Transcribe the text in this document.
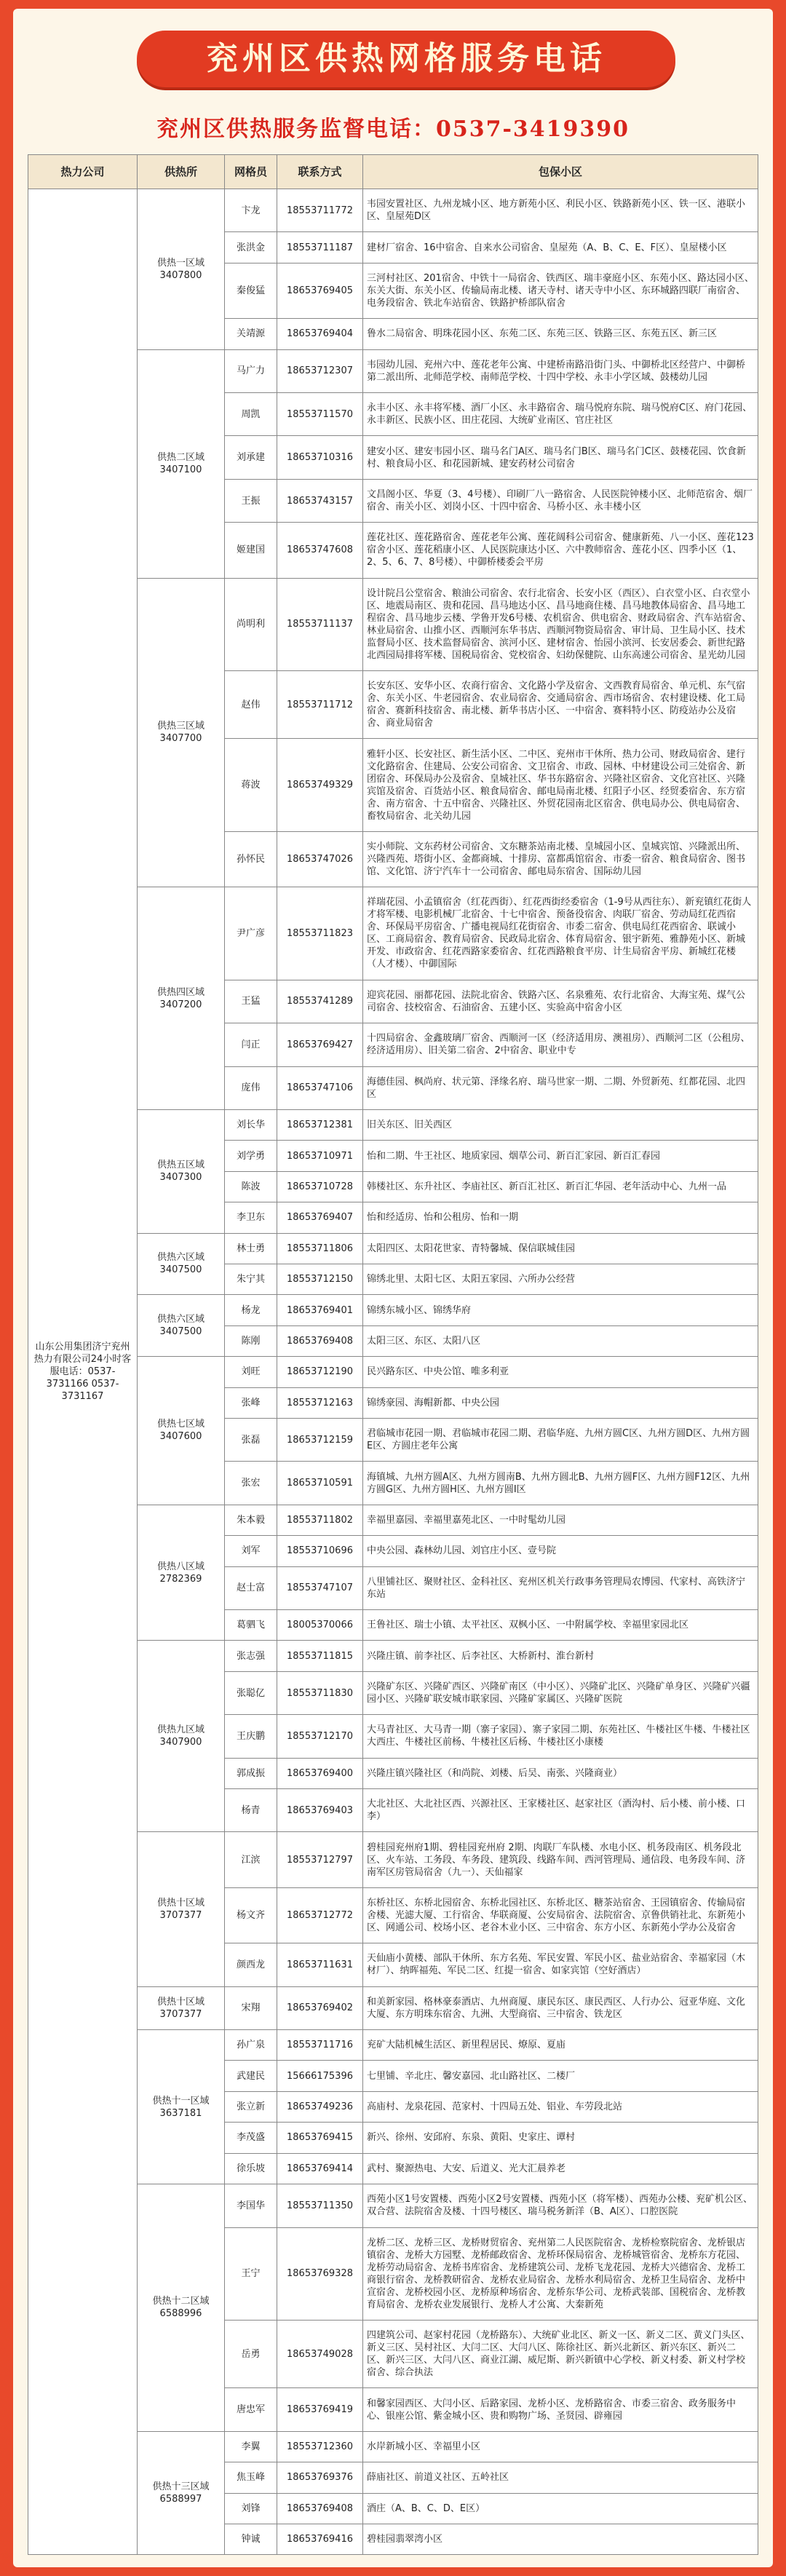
兖州区供热网格服务电话
兖州区供热服务监督电话：0537-3419390
热力公司	供热所	网格员	联系方式	包保小区
山东公用集团济宁兖州热力有限公司24小时客服电话：0537-3731166 0537-3731167	供热一区域 3407800	卞龙	18553711772	韦园安置社区、九州龙城小区、地方新苑小区、利民小区、铁路新苑小区、铁一区、港联小区、皇屋苑D区
		张洪金	18553711187	建材厂宿舍、16中宿舍、自来水公司宿舍、皇屋苑（A、B、C、E、F区）、皇屋楼小区
		秦俊猛	18653769405	三河村社区、201宿舍、中铁十一局宿舍、铁西区、瑞丰豪庭小区、东苑小区、路达园小区、东关大街、东关小区、传输局南北楼、诸天寺村、诸天寺中小区、东环城路四联厂南宿舍、电务段宿舍、铁北车站宿舍、铁路护桥部队宿舍
		关靖源	18653769404	鲁水二局宿舍、明珠花园小区、东苑二区、东苑三区、铁路三区、东苑五区、新三区
	供热二区域 3407100	马广力	18653712307	韦园幼儿园、兖州六中、莲花老年公寓、中建桥南路沿街门头、中御桥北区经营户、中御桥第二派出所、北师范学校、南师范学校、十四中学校、永丰小学区域、鼓楼幼儿园
		周凯	18553711570	永丰小区、永丰将军楼、酒厂小区、永丰路宿舍、瑞马悦府东院、瑞马悦府C区、府门花园、永丰新区、民族小区、田庄花园、大统矿业南区、官庄社区
		刘承建	18653710316	建安小区、建安韦园小区、瑞马名门A区、瑞马名门B区、瑞马名门C区、鼓楼花园、饮食新村、粮食局小区、和花园新城、建安药材公司宿舍
		王振	18653743157	文昌阁小区、华夏（3、4号楼）、印刷厂八一路宿舍、人民医院钟楼小区、北师范宿舍、烟厂宿舍、南关小区、刘岗小区、十四中宿舍、马桥小区、永丰楼小区
		姬建国	18653747608	莲花社区、莲花路宿舍、莲花老年公寓、莲花阔科公司宿舍、健康新苑、八一小区、莲花123宿舍小区、莲花稻康小区、人民医院康达小区、六中教师宿舍、莲花小区、四季小区（1、2、5、6、7、8号楼）、中御桥楼委会平房
	供热三区域 3407700	尚明利	18553711137	设计院吕公堂宿舍、粮油公司宿舍、农行北宿舍、长安小区（西区）、白衣堂小区、白衣堂小区、地震局南区、贵和花园、昌马地达小区、昌马地商住楼、昌马地教体局宿舍、昌马地工程宿舍、昌马地步云楼、学鲁开发6号楼、农机宿舍、供电宿舍、财政局宿舍、汽车站宿舍、林业局宿舍、山推小区、西顺河东华书店、西顺河物资局宿舍、审计局、卫生局小区、技术监督局小区、技术监督局宿舍、滨河小区、建材宿舍、怡园小滨河、长安居委会、新世纪路北西园局排将军楼、国税局宿舍、党校宿舍、妇幼保健院、山东高速公司宿舍、星光幼儿园
		赵伟	18553711712	长安东区、安华小区、农商行宿舍、文化路小学及宿舍、文西教育局宿舍、单元机、东气宿舍、东关小区、牛老园宿舍、农业局宿舍、交通局宿舍、西市场宿舍、农村建设楼、化工局宿舍、赛新科技宿舍、南北楼、新华书店小区、一中宿舍、赛料特小区、防疫站办公及宿舍、商业局宿舍
		蒋波	18653749329	雅轩小区、长安社区、新生活小区、二中区、兖州市干休所、热力公司、财政局宿舍、建行文化路宿舍、住建局、公安公司宿舍、文卫宿舍、市政、园林、中材建设公司三处宿舍、新团宿舍、环保局办公及宿舍、皇城社区、华书东路宿舍、兴隆社区宿舍、文化宫社区、兴隆宾馆及宿舍、百货站小区、粮食局宿舍、邮电局南北楼、红阳子小区、经贸委宿舍、东方宿舍、南方宿舍、十五中宿舍、兴隆社区、外贸花园南北区宿舍、供电局办公、供电局宿舍、畜牧局宿舍、北关幼儿园
		孙怀民	18653747026	实小师院、文东药材公司宿舍、文东糖茶站南北楼、皇城园小区、皇城宾馆、兴隆派出所、兴隆西苑、塔街小区、金都商城、十排房、富都禹馆宿舍、市委一宿舍、粮食局宿舍、图书馆、文化馆、济宁汽车十一公司宿舍、邮电局东宿舍、国际幼儿园
	供热四区域 3407200	尹广彦	18553711823	祥瑞花园、小孟镇宿舍（红花西街）、红花西街经委宿舍（1-9号从西往东）、新兖镇红花街人才将军楼、电影机械厂北宿舍、十七中宿舍、预备役宿舍、肉联厂宿舍、劳动局红花西宿舍、环保局平房宿舍、广播电视局红花街宿舍、市委二宿舍、供电局红花西宿舍、联诚小区、工商局宿舍、教育局宿舍、民政局北宿舍、体育局宿舍、银宇新苑、雅静苑小区、新城开发、市政宿舍、红花西路家委宿舍、红花西路粮食平房、计生局宿舍平房、新城红花楼（人才楼）、中御国际
		王猛	18553741289	迎宾花园、丽都花园、法院北宿舍、铁路六区、名泉雅苑、农行北宿舍、大海宝苑、煤气公司宿舍、技校宿舍、石油宿舍、五建小区、实验高中宿舍小区
		闫正	18653769427	十四局宿舍、金鑫玻璃厂宿舍、西顺河一区（经济适用房、澳祖房）、西顺河二区（公租房、经济适用房）、旧关第二宿舍、2中宿舍、职业中专
		庞伟	18653747106	海德佳园、枫尚府、状元第、泽缘名府、瑞马世家一期、二期、外贸新苑、红都花园、北四区
	供热五区域 3407300	刘长华	18653712381	旧关东区、旧关西区
		刘学勇	18653710971	怡和二期、牛王社区、地质家园、烟草公司、新百汇家园、新百汇春园
		陈波	18653710728	韩楼社区、东升社区、李庙社区、新百汇社区、新百汇华园、老年活动中心、九州一品
		李卫东	18653769407	怡和经适房、怡和公租房、怡和一期
	供热六区域 3407500	林士勇	18553711806	太阳四区、太阳花世家、青特馨城、保信联城佳园
		朱宁其	18553712150	锦绣北里、太阳七区、太阳五家园、六所办公经营
	供热六区域 3407500	杨龙	18653769401	锦绣东城小区、锦绣华府
		陈刚	18653769408	太阳三区、东区、太阳八区
	供热七区域 3407600	刘旺	18653712190	民兴路东区、中央公馆、唯多利亚
		张峰	18553712163	锦绣豪园、海帽新都、中央公园
		张磊	18653712159	君临城市花园一期、君临城市花园二期、君临华庭、九州方圆C区、九州方圆D区、九州方圆 E区、方圆庄老年公寓
		张宏	18653710591	海镇城、九州方圆A区、九州方圆南B、九州方圆北B、九州方圆F区、九州方圆F12区、九州方圆G区、九州方圆H区、九州方圆I区
	供热八区域 2782369	朱本毅	18553711802	幸福里嘉园、幸福里嘉苑北区、一中时髦幼儿园
		刘军	18553710696	中央公园、森林幼儿园、刘官庄小区、壹号院
		赵士富	18553747107	八里铺社区、聚财社区、金科社区、兖州区机关行政事务管理局农博园、代家村、高铁济宁东站
		葛驷飞	18005370066	王鲁社区、瑞士小镇、太平社区、双枫小区、一中附属学校、幸福里家园北区
	供热九区域 3407900	张志强	18553711815	兴隆庄镇、前李社区、后李社区、大桥新村、淮台新村
		张聪亿	18553711830	兴隆矿东区、兴隆矿西区、兴隆矿南区（中小区）、兴隆矿北区、兴隆矿单身区、兴隆矿兴疆园小区、兴隆矿联安城市联家园、兴隆矿家属区、兴隆矿医院
		王庆鹏	18553712170	大马青社区、大马青一期（寨子家园）、寨子家园二期、东苑社区、牛楼社区牛楼、牛楼社区大西庄、牛楼社区前杨、牛楼社区后杨、牛楼社区小康楼
		郭成振	18653769400	兴隆庄镇兴隆社区（和尚院、刘楼、后吴、南张、兴隆商业）
		杨青	18653769403	大北社区、大北社区西、兴源社区、王家楼社区、赵家社区（酒沟村、后小楼、前小楼、口李）
	供热十区域 3707377	江滨	18553712797	碧桂园兖州府1期、碧桂园兖州府 2期、肉联厂车队楼、水电小区、机务段南区、机务段北区、火车站、工务段、车务段、建筑段、线路车间、西河管理局、通信段、电务段车间、济南军区房管局宿舍（九一）、天仙福家
		杨文齐	18653712772	东桥社区、东桥北园宿舍、东桥北园社区、东桥北区、糖茶站宿舍、王园镇宿舍、传输局宿舍楼、光滤大厦、工行宿舍、华联商厦、公安局宿舍、法院宿舍、京鲁供销社北、东新苑小区、网通公司、校场小区、老谷木业小区、三中宿舍、东方小区、东新苑小学办公及宿舍
		颜西龙	18653711631	天仙庙小黄楼、部队干休所、东方名苑、军民安置、军民小区、盐业站宿舍、幸福家园（木材厂）、纳晖福苑、军民二区、红提一宿舍、如家宾馆（空好酒店）
	供热十区域 3707377	宋翔	18653769402	和美新家园、格林豪泰酒店、九州商厦、康民东区、康民西区、人行办公、冠亚华庭、文化大厦、东方明珠东宿舍、九洲、大型商宿、三中宿舍、铁龙区
	供热十一区域 3637181	孙广泉	18553711716	兖矿大陆机械生活区、新里程居民、燎原、夏庙
		武建民	15666175396	七里铺、辛北庄、馨安嘉园、北山路社区、二楼厂
		张立新	18653749236	高庙村、龙泉花园、范家村、十四局五处、铝业、车劳段北站
		李茂盛	18653769415	新兴、徐州、安邱府、东泉、黄阳、史家庄、谭村
		徐乐坡	18653769414	武村、聚源热电、大安、后道义、光大汇晨养老
	供热十二区域 6588996	李国华	18553711350	西苑小区1号安置楼、西苑小区2号安置楼、西苑小区（将军楼）、西苑办公楼、兖矿机公区、双合营、法院宿舍及楼、十四号楼区、瑞马税务新洋（B、A区）、口腔医院
		王宁	18653769328	龙桥二区、龙桥三区、龙桥财贸宿舍、兖州第二人民医院宿舍、龙桥检察院宿舍、龙桥银店镇宿舍、龙桥大方园墅、龙桥邮政宿舍、龙桥环保局宿舍、龙桥城管宿舍、龙桥东方花园、龙桥劳动局宿舍、龙桥书库宿舍、龙桥建筑公司、龙桥飞龙花园、龙桥大兴德宿舍、龙桥工商银行宿舍、龙桥教研宿舍、龙桥农业局宿舍、龙桥水利局宿舍、龙桥卫生局宿舍、龙桥中宣宿舍、龙桥校园小区、龙桥原种场宿舍、龙桥东华公司、龙桥武装部、国税宿舍、龙桥教育局宿舍、龙桥农业发展银行、龙桥人才公寓、大秦新苑
		岳勇	18653749028	四建筑公司、赵家村花园（龙桥路东）、大统矿业北区、新义一区、新义二区、黄义门头区、新义三区、吴村社区、大闫二区、大闫八区、陈徐社区、新兴北新区、新兴东区、新兴二区、新兴三区、大闫八区、商业江湖、威尼斯、新兴新镇中心学校、新义村委、新义村学校宿舍、综合执法
		唐忠军	18653769419	和馨家园西区、大闫小区、后路家园、龙桥小区、龙桥路宿舍、市委三宿舍、政务服务中心、银座公馆、紫金城小区、贵和购物广场、圣贤园、辟雍园
	供热十三区域 6588997	李翼	18553712360	水岸新城小区、幸福里小区
		焦玉峰	18653769376	薛庙社区、前道义社区、五岭社区
		刘锋	18653769408	酒庄（A、B、C、D、E区）
		钟诚	18653769416	碧桂园翡翠湾小区
